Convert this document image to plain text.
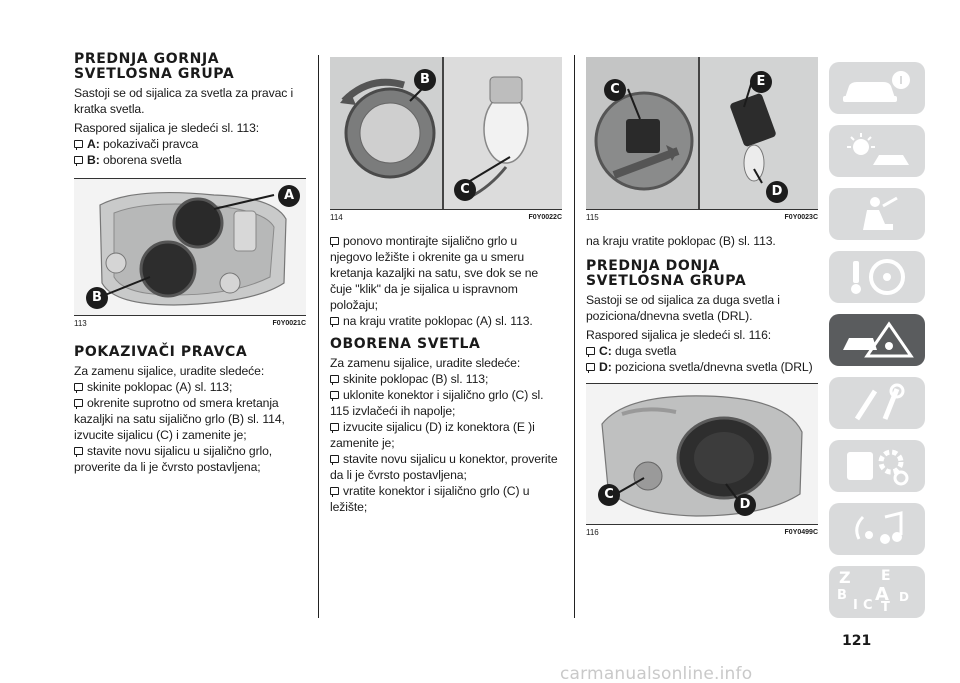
PREDNJA GORNJA SVETLOSNA GRUPA

Sastoji se od sijalica za svetla za pravac i kratka svetla.

Raspored sijalica je sledeći sl. 113:

A: pokazivači pravca

B: oborena svetla

A
B
113	F0Y0021C
POKAZIVAČI PRAVCA

Za zamenu sijalice, uradite sledeće:

skinite poklopac (A) sl. 113;

okrenite suprotno od smera kretanja kazaljki na satu sijalično grlo (B) sl. 114, izvucite sijalicu (C) i zamenite je;

stavite novu sijalicu u sijalično grlo, proverite da li je čvrsto postavljena;

B
C
114	F0Y0022C

ponovo montirajte sijalično grlo u njegovo ležište i okrenite ga u smeru kretanja kazaljki na satu, sve dok se ne čuje "klik" da je sijalica u ispravnom položaju;

na kraju vratite poklopac (A) sl. 113.

OBORENA SVETLA

Za zamenu sijalice, uradite sledeće:

skinite poklopac (B) sl. 113;

uklonite konektor i sijalično grlo (C) sl. 115 izvlačeći ih napolje;

izvucite sijalicu (D) iz konektora (E )i zamenite je;

stavite novu sijalicu u konektor, proverite da li je čvrsto postavljena;

vratite konektor i sijalično grlo (C) u ležište;

C
E
D
115	F0Y0023C

na kraju vratite poklopac (B) sl. 113.

PREDNJA DONJA SVETLOSNA GRUPA

Sastoji se od sijalica za duga svetla i poziciona/dnevna svetla (DRL).

Raspored sijalica je sledeći sl. 116:

C: duga svetla

D: poziciona svetla/dnevna svetla (DRL)

C
D
116	F0Y0499C
Z E
B A D
I C T
121
carmanualsonline.info
